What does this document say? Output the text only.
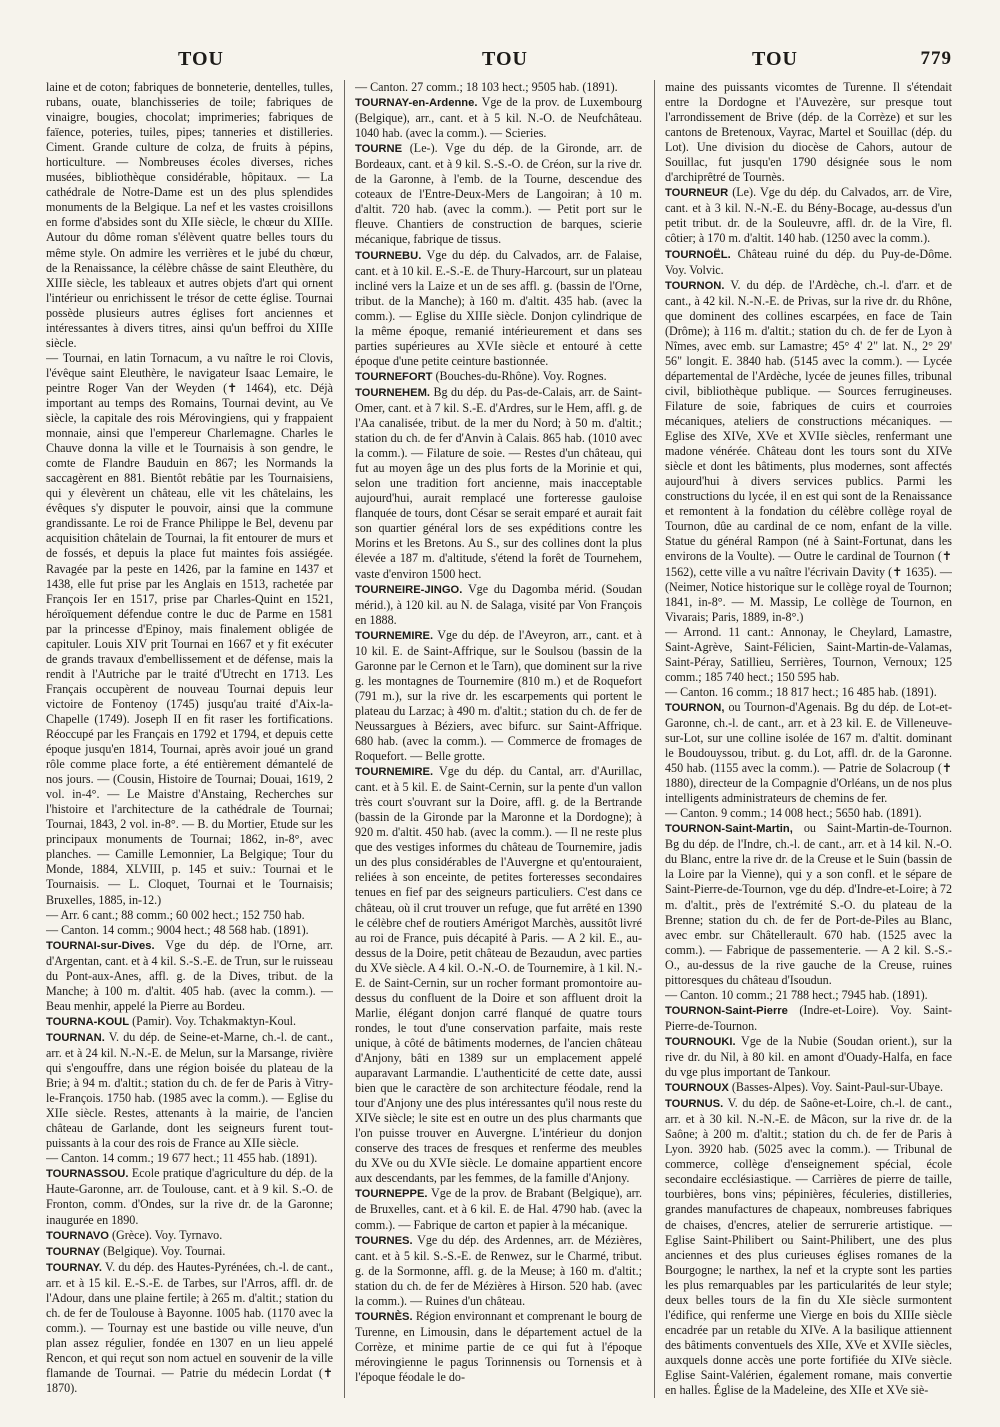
TOU	TOU	TOU	779

laine et de coton; fabriques de bonneterie, dentelles, tulles, rubans, ouate, blanchisseries de toile; fabriques de vinaigre, bougies, chocolat; imprimeries; fabriques de faïence, poteries, tuiles, pipes; tanneries et distilleries. Ciment. Grande culture de colza, de fruits à pépins, horticulture. — Nombreuses écoles diverses, riches musées, bibliothèque considérable, hôpitaux. — La cathédrale de Notre-Dame est un des plus splendides monuments de la Belgique. La nef et les vastes croisillons en forme d'absides sont du XIIe siècle, le chœur du XIIIe. Autour du dôme roman s'élèvent quatre belles tours du même style. On admire les verrières et le jubé du chœur, de la Renaissance, la célèbre châsse de saint Eleuthère, du XIIIe siècle, les tableaux et autres objets d'art qui ornent l'intérieur ou enrichissent le trésor de cette église. Tournai possède plusieurs autres églises fort anciennes et intéressantes à divers titres, ainsi qu'un beffroi du XIIIe siècle.

— Tournai, en latin Tornacum, a vu naître le roi Clovis, l'évêque saint Eleuthère, le navigateur Isaac Lemaire, le peintre Roger Van der Weyden (✝ 1464), etc. Déjà important au temps des Romains, Tournai devint, au Ve siècle, la capitale des rois Mérovingiens, qui y frappaient monnaie, ainsi que l'empereur Charlemagne. Charles le Chauve donna la ville et le Tournaisis à son gendre, le comte de Flandre Bauduin en 867; les Normands la saccagèrent en 881. Bientôt rebâtie par les Tournaisiens, qui y élevèrent un château, elle vit les châtelains, les évêques s'y disputer le pouvoir, ainsi que la commune grandissante. Le roi de France Philippe le Bel, devenu par acquisition châtelain de Tournai, la fit entourer de murs et de fossés, et depuis la place fut maintes fois assiégée. Ravagée par la peste en 1426, par la famine en 1437 et 1438, elle fut prise par les Anglais en 1513, rachetée par François Ier en 1517, prise par Charles-Quint en 1521, héroïquement défendue contre le duc de Parme en 1581 par la princesse d'Epinoy, mais finalement obligée de capituler. Louis XIV prit Tournai en 1667 et y fit exécuter de grands travaux d'embellissement et de défense, mais la rendit à l'Autriche par le traité d'Utrecht en 1713. Les Français occupèrent de nouveau Tournai depuis leur victoire de Fontenoy (1745) jusqu'au traité d'Aix-la-Chapelle (1749). Joseph II en fit raser les fortifications. Réoccupé par les Français en 1792 et 1794, et depuis cette époque jusqu'en 1814, Tournai, après avoir joué un grand rôle comme place forte, a été entièrement démantelé de nos jours. — (Cousin, Histoire de Tournai; Douai, 1619, 2 vol. in-4°. — Le Maistre d'Anstaing, Recherches sur l'histoire et l'architecture de la cathédrale de Tournai; Tournai, 1843, 2 vol. in-8°. — B. du Mortier, Etude sur les principaux monuments de Tournai; 1862, in-8°, avec planches. — Camille Lemonnier, La Belgique; Tour du Monde, 1884, XLVIII, p. 145 et suiv.: Tournai et le Tournaisis. — L. Cloquet, Tournai et le Tournaisis; Bruxelles, 1885, in-12.)

— Arr. 6 cant.; 88 comm.; 60 002 hect.; 152 750 hab.

— Canton. 14 comm.; 9004 hect.; 48 568 hab. (1891).

TOURNAI-sur-Dives. Vge du dép. de l'Orne, arr. d'Argentan, cant. et à 4 kil. S.-S.-E. de Trun, sur le ruisseau du Pont-aux-Anes, affl. g. de la Dives, tribut. de la Manche; à 100 m. d'altit. 405 hab. (avec la comm.). — Beau menhir, appelé la Pierre au Bordeu.

TOURNA-KOUL (Pamir). Voy. Tchakmaktyn-Koul.

TOURNAN. V. du dép. de Seine-et-Marne, ch.-l. de cant., arr. et à 24 kil. N.-N.-E. de Melun, sur la Marsange, rivière qui s'engouffre, dans une région boisée du plateau de la Brie; à 94 m. d'altit.; station du ch. de fer de Paris à Vitry-le-François. 1750 hab. (1985 avec la comm.). — Eglise du XIIe siècle. Restes, attenants à la mairie, de l'ancien château de Garlande, dont les seigneurs furent tout-puissants à la cour des rois de France au XIIe siècle.

— Canton. 14 comm.; 19 677 hect.; 11 455 hab. (1891).

TOURNASSOU. Ecole pratique d'agriculture du dép. de la Haute-Garonne, arr. de Toulouse, cant. et à 9 kil. S.-O. de Fronton, comm. d'Ondes, sur la rive dr. de la Garonne; inaugurée en 1890.

TOURNAVO (Grèce). Voy. Tyrnavo.

TOURNAY (Belgique). Voy. Tournai.

TOURNAY. V. du dép. des Hautes-Pyrénées, ch.-l. de cant., arr. et à 15 kil. E.-S.-E. de Tarbes, sur l'Arros, affl. dr. de l'Adour, dans une plaine fertile; à 265 m. d'altit.; station du ch. de fer de Toulouse à Bayonne. 1005 hab. (1170 avec la comm.). — Tournay est une bastide ou ville neuve, d'un plan assez régulier, fondée en 1307 en un lieu appelé Rencon, et qui reçut son nom actuel en souvenir de la ville flamande de Tournai. — Patrie du médecin Lordat (✝ 1870).

— Canton. 27 comm.; 18 103 hect.; 9505 hab. (1891).

TOURNAY-en-Ardenne. Vge de la prov. de Luxembourg (Belgique), arr., cant. et à 5 kil. N.-O. de Neufchâteau. 1040 hab. (avec la comm.). — Scieries.

TOURNE (Le-). Vge du dép. de la Gironde, arr. de Bordeaux, cant. et à 9 kil. S.-S.-O. de Créon, sur la rive dr. de la Garonne, à l'emb. de la Tourne, descendue des coteaux de l'Entre-Deux-Mers de Langoiran; à 10 m. d'altit. 720 hab. (avec la comm.). — Petit port sur le fleuve. Chantiers de construction de barques, scierie mécanique, fabrique de tissus.

TOURNEBU. Vge du dép. du Calvados, arr. de Falaise, cant. et à 10 kil. E.-S.-E. de Thury-Harcourt, sur un plateau incliné vers la Laize et un de ses affl. g. (bassin de l'Orne, tribut. de la Manche); à 160 m. d'altit. 435 hab. (avec la comm.). — Eglise du XIIIe siècle. Donjon cylindrique de la même époque, remanié intérieurement et dans ses parties supérieures au XVIe siècle et entouré à cette époque d'une petite ceinture bastionnée.

TOURNEFORT (Bouches-du-Rhône). Voy. Rognes.

TOURNEHEM. Bg du dép. du Pas-de-Calais, arr. de Saint-Omer, cant. et à 7 kil. S.-E. d'Ardres, sur le Hem, affl. g. de l'Aa canalisée, tribut. de la mer du Nord; à 50 m. d'altit.; station du ch. de fer d'Anvin à Calais. 865 hab. (1010 avec la comm.). — Filature de soie. — Restes d'un château, qui fut au moyen âge un des plus forts de la Morinie et qui, selon une tradition fort ancienne, mais inacceptable aujourd'hui, aurait remplacé une forteresse gauloise flanquée de tours, dont César se serait emparé et aurait fait son quartier général lors de ses expéditions contre les Morins et les Bretons. Au S., sur des collines dont la plus élevée a 187 m. d'altitude, s'étend la forêt de Tournehem, vaste d'environ 1500 hect.

TOURNEIRE-JINGO. Vge du Dagomba mérid. (Soudan mérid.), à 120 kil. au N. de Salaga, visité par Von François en 1888.

TOURNEMIRE. Vge du dép. de l'Aveyron, arr., cant. et à 10 kil. E. de Saint-Affrique, sur le Soulsou (bassin de la Garonne par le Cernon et le Tarn), que dominent sur la rive g. les montagnes de Tournemire (810 m.) et de Roquefort (791 m.), sur la rive dr. les escarpements qui portent le plateau du Larzac; à 490 m. d'altit.; station du ch. de fer de Neussargues à Béziers, avec bifurc. sur Saint-Affrique. 680 hab. (avec la comm.). — Commerce de fromages de Roquefort. — Belle grotte.

TOURNEMIRE. Vge du dép. du Cantal, arr. d'Aurillac, cant. et à 5 kil. E. de Saint-Cernin, sur la pente d'un vallon très court s'ouvrant sur la Doire, affl. g. de la Bertrande (bassin de la Gironde par la Maronne et la Dordogne); à 920 m. d'altit. 450 hab. (avec la comm.). — Il ne reste plus que des vestiges informes du château de Tournemire, jadis un des plus considérables de l'Auvergne et qu'entouraient, reliées à son enceinte, de petites forteresses secondaires tenues en fief par des seigneurs particuliers. C'est dans ce château, où il crut trouver un refuge, que fut arrêté en 1390 le célèbre chef de routiers Amérigot Marchès, aussitôt livré au roi de France, puis décapité à Paris. — A 2 kil. E., au-dessus de la Doire, petit château de Bezaudun, avec parties du XVe siècle. A 4 kil. O.-N.-O. de Tournemire, à 1 kil. N.-E. de Saint-Cernin, sur un rocher formant promontoire au-dessus du confluent de la Doire et son affluent droit la Marlie, élégant donjon carré flanqué de quatre tours rondes, le tout d'une conservation parfaite, mais reste unique, à côté de bâtiments modernes, de l'ancien château d'Anjony, bâti en 1389 sur un emplacement appelé auparavant Larmandie. L'authenticité de cette date, aussi bien que le caractère de son architecture féodale, rend la tour d'Anjony une des plus intéressantes qu'il nous reste du XIVe siècle; le site est en outre un des plus charmants que l'on puisse trouver en Auvergne. L'intérieur du donjon conserve des traces de fresques et renferme des meubles du XVe ou du XVIe siècle. Le domaine appartient encore aux descendants, par les femmes, de la famille d'Anjony.

TOURNEPPE. Vge de la prov. de Brabant (Belgique), arr. de Bruxelles, cant. et à 6 kil. E. de Hal. 4790 hab. (avec la comm.). — Fabrique de carton et papier à la mécanique.

TOURNES. Vge du dép. des Ardennes, arr. de Mézières, cant. et à 5 kil. S.-S.-E. de Renwez, sur le Charmé, tribut. g. de la Sormonne, affl. g. de la Meuse; à 160 m. d'altit.; station du ch. de fer de Mézières à Hirson. 520 hab. (avec la comm.). — Ruines d'un château.

TOURNÈS. Région environnant et comprenant le bourg de Turenne, en Limousin, dans le département actuel de la Corrèze, et minime partie de ce qui fut à l'époque mérovingienne le pagus Torinnensis ou Tornensis et à l'époque féodale le do-

maine des puissants vicomtes de Turenne. Il s'étendait entre la Dordogne et l'Auvezère, sur presque tout l'arrondissement de Brive (dép. de la Corrèze) et sur les cantons de Bretenoux, Vayrac, Martel et Souillac (dép. du Lot). Une division du diocèse de Cahors, autour de Souillac, fut jusqu'en 1790 désignée sous le nom d'archiprêtré de Tournès.

TOURNEUR (Le). Vge du dép. du Calvados, arr. de Vire, cant. et à 3 kil. N.-N.-E. du Bény-Bocage, au-dessus d'un petit tribut. dr. de la Souleuvre, affl. dr. de la Vire, fl. côtier; à 170 m. d'altit. 140 hab. (1250 avec la comm.).

TOURNOËL. Château ruiné du dép. du Puy-de-Dôme. Voy. Volvic.

TOURNON. V. du dép. de l'Ardèche, ch.-l. d'arr. et de cant., à 42 kil. N.-N.-E. de Privas, sur la rive dr. du Rhône, que dominent des collines escarpées, en face de Tain (Drôme); à 116 m. d'altit.; station du ch. de fer de Lyon à Nîmes, avec emb. sur Lamastre; 45° 4' 2" lat. N., 2° 29' 56" longit. E. 3840 hab. (5145 avec la comm.). — Lycée départemental de l'Ardèche, lycée de jeunes filles, tribunal civil, bibliothèque publique. — Sources ferrugineuses. Filature de soie, fabriques de cuirs et courroies mécaniques, ateliers de constructions mécaniques. — Eglise des XIVe, XVe et XVIIe siècles, renfermant une madone vénérée. Château dont les tours sont du XIVe siècle et dont les bâtiments, plus modernes, sont affectés aujourd'hui à divers services publics. Parmi les constructions du lycée, il en est qui sont de la Renaissance et remontent à la fondation du célèbre collège royal de Tournon, dûe au cardinal de ce nom, enfant de la ville. Statue du général Rampon (né à Saint-Fortunat, dans les environs de la Voulte). — Outre le cardinal de Tournon (✝ 1562), cette ville a vu naître l'écrivain Davity (✝ 1635). — (Neimer, Notice historique sur le collège royal de Tournon; 1841, in-8°. — M. Massip, Le collège de Tournon, en Vivarais; Paris, 1889, in-8°.)

— Arrond. 11 cant.: Annonay, le Cheylard, Lamastre, Saint-Agrève, Saint-Félicien, Saint-Martin-de-Valamas, Saint-Péray, Satillieu, Serrières, Tournon, Vernoux; 125 comm.; 185 740 hect.; 150 595 hab.

— Canton. 16 comm.; 18 817 hect.; 16 485 hab. (1891).

TOURNON, ou Tournon-d'Agenais. Bg du dép. de Lot-et-Garonne, ch.-l. de cant., arr. et à 23 kil. E. de Villeneuve-sur-Lot, sur une colline isolée de 167 m. d'altit. dominant le Boudouyssou, tribut. g. du Lot, affl. dr. de la Garonne. 450 hab. (1155 avec la comm.). — Patrie de Solacroup (✝ 1880), directeur de la Compagnie d'Orléans, un de nos plus intelligents administrateurs de chemins de fer.

— Canton. 9 comm.; 14 008 hect.; 5650 hab. (1891).

TOURNON-Saint-Martin, ou Saint-Martin-de-Tournon. Bg du dép. de l'Indre, ch.-l. de cant., arr. et à 14 kil. N.-O. du Blanc, entre la rive dr. de la Creuse et le Suin (bassin de la Loire par la Vienne), qui y a son confl. et le sépare de Saint-Pierre-de-Tournon, vge du dép. d'Indre-et-Loire; à 72 m. d'altit., près de l'extrémité S.-O. du plateau de la Brenne; station du ch. de fer de Port-de-Piles au Blanc, avec embr. sur Châtellerault. 670 hab. (1525 avec la comm.). — Fabrique de passementerie. — A 2 kil. S.-S.-O., au-dessus de la rive gauche de la Creuse, ruines pittoresques du château d'Isoudun.

— Canton. 10 comm.; 21 788 hect.; 7945 hab. (1891).

TOURNON-Saint-Pierre (Indre-et-Loire). Voy. Saint-Pierre-de-Tournon.

TOURNOUKI. Vge de la Nubie (Soudan orient.), sur la rive dr. du Nil, à 80 kil. en amont d'Ouady-Halfa, en face du vge plus important de Tankour.

TOURNOUX (Basses-Alpes). Voy. Saint-Paul-sur-Ubaye.

TOURNUS. V. du dép. de Saône-et-Loire, ch.-l. de cant., arr. et à 30 kil. N.-N.-E. de Mâcon, sur la rive dr. de la Saône; à 200 m. d'altit.; station du ch. de fer de Paris à Lyon. 3920 hab. (5025 avec la comm.). — Tribunal de commerce, collège d'enseignement spécial, école secondaire ecclésiastique. — Carrières de pierre de taille, tourbières, bons vins; pépinières, féculeries, distilleries, grandes manufactures de chapeaux, nombreuses fabriques de chaises, d'encres, atelier de serrurerie artistique. — Eglise Saint-Philibert ou Saint-Philibert, une des plus anciennes et des plus curieuses églises romanes de la Bourgogne; le narthex, la nef et la crypte sont les parties les plus remarquables par les particularités de leur style; deux belles tours de la fin du XIe siècle surmontent l'édifice, qui renferme une Vierge en bois du XIIIe siècle encadrée par un retable du XIVe. A la basilique attiennent des bâtiments conventuels des XIIe, XVe et XVIIe siècles, auxquels donne accès une porte fortifiée du XIVe siècle. Eglise Saint-Valérien, également romane, mais convertie en halles. Église de la Madeleine, des XIIe et XVe siè-
